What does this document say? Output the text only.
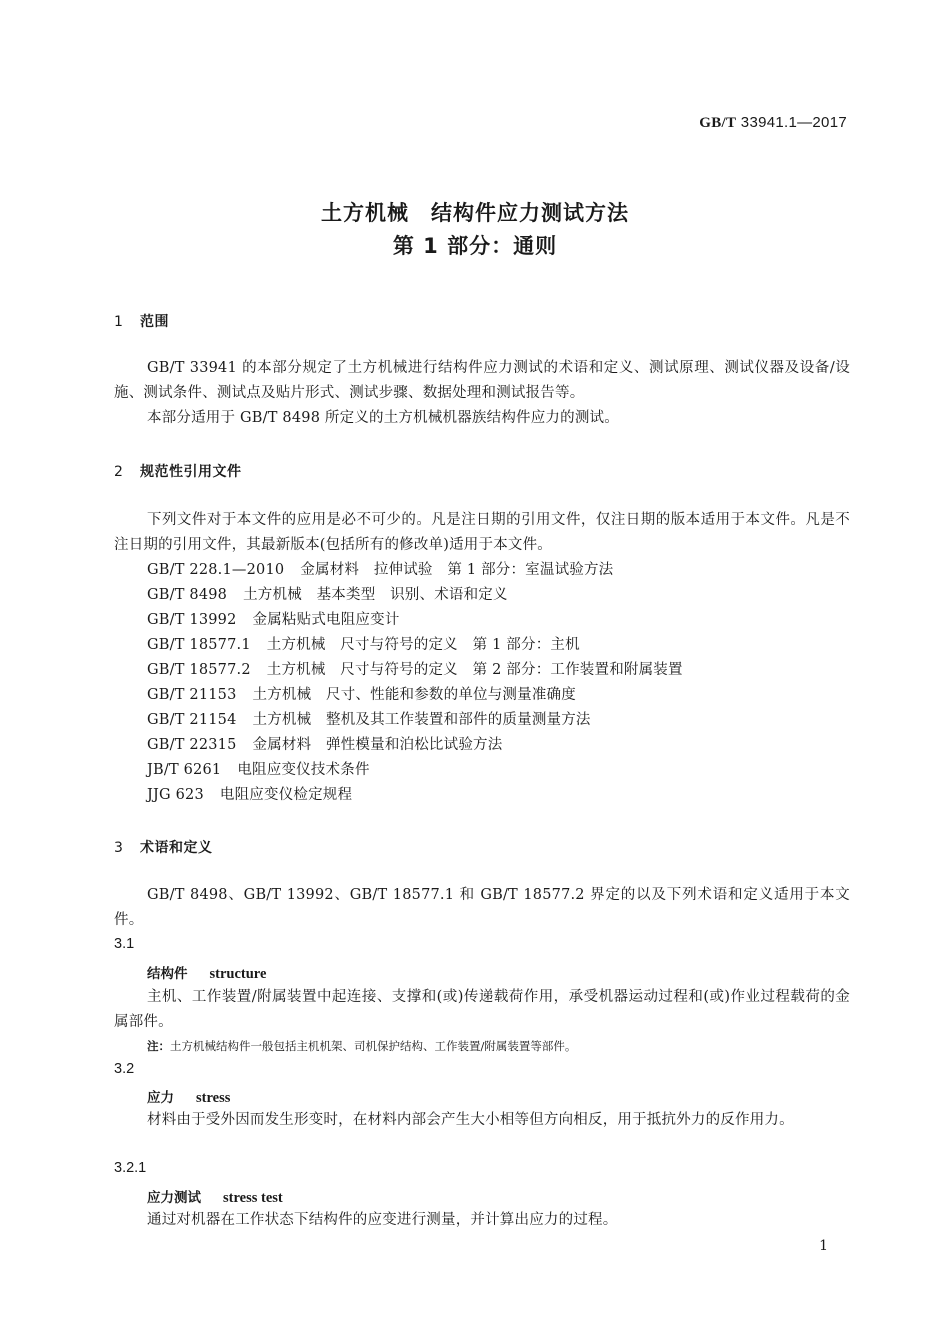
GB/T 33941.1—2017
土方机械　结构件应力测试方法
第 1 部分：通则
1 范围
GB/T 33941 的本部分规定了土方机械进行结构件应力测试的术语和定义、测试原理、测试仪器及设备/设施、测试条件、测试点及贴片形式、测试步骤、数据处理和测试报告等。
本部分适用于 GB/T 8498 所定义的土方机械机器族结构件应力的测试。
2 规范性引用文件
下列文件对于本文件的应用是必不可少的。凡是注日期的引用文件，仅注日期的版本适用于本文件。凡是不注日期的引用文件，其最新版本(包括所有的修改单)适用于本文件。
GB/T 228.1—2010 金属材料　拉伸试验　第 1 部分：室温试验方法
GB/T 8498 土方机械　基本类型　识别、术语和定义
GB/T 13992 金属粘贴式电阻应变计
GB/T 18577.1 土方机械　尺寸与符号的定义　第 1 部分：主机
GB/T 18577.2 土方机械　尺寸与符号的定义　第 2 部分：工作装置和附属装置
GB/T 21153 土方机械　尺寸、性能和参数的单位与测量准确度
GB/T 21154 土方机械　整机及其工作装置和部件的质量测量方法
GB/T 22315 金属材料　弹性模量和泊松比试验方法
JB/T 6261 电阻应变仪技术条件
JJG 623 电阻应变仪检定规程
3 术语和定义
GB/T 8498、GB/T 13992、GB/T 18577.1 和 GB/T 18577.2 界定的以及下列术语和定义适用于本文件。
3.1
结构件 structure
主机、工作装置/附属装置中起连接、支撑和(或)传递载荷作用，承受机器运动过程和(或)作业过程载荷的金属部件。
注：土方机械结构件一般包括主机机架、司机保护结构、工作装置/附属装置等部件。
3.2
应力 stress
材料由于受外因而发生形变时，在材料内部会产生大小相等但方向相反，用于抵抗外力的反作用力。
3.2.1
应力测试 stress test
通过对机器在工作状态下结构件的应变进行测量，并计算出应力的过程。
1
